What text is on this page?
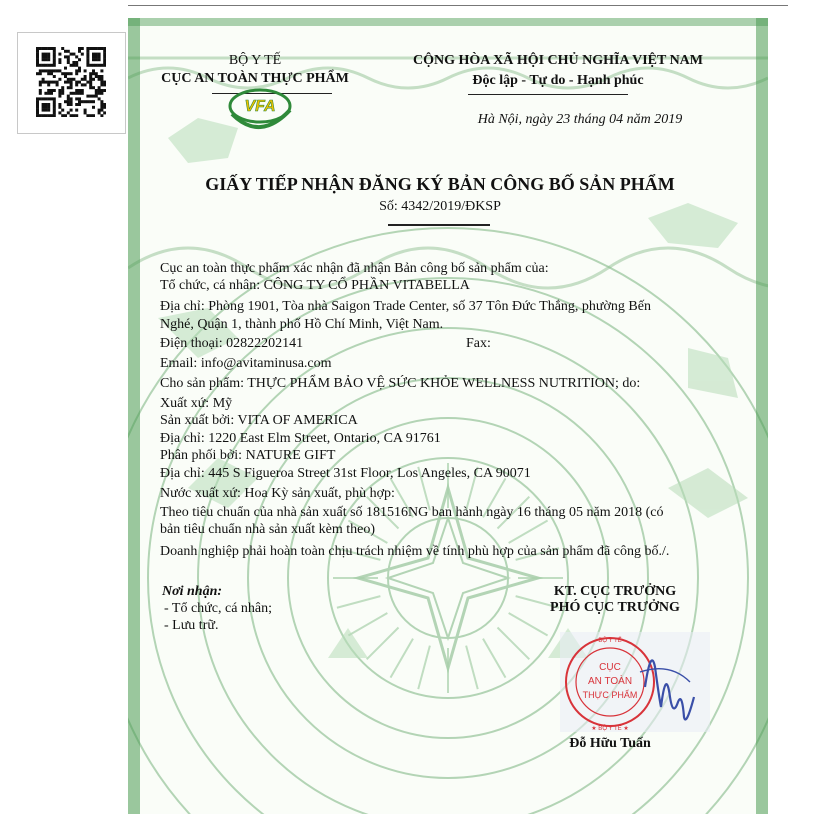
BỘ Y TẾ
CỤC AN TOÀN THỰC PHẨM
VFA
CỘNG HÒA XÃ HỘI CHỦ NGHĨA VIỆT NAM
Độc lập - Tự do - Hạnh phúc
Hà Nội, ngày 23 tháng 04 năm 2019
GIẤY TIẾP NHẬN ĐĂNG KÝ BẢN CÔNG BỐ SẢN PHẨM
Số: 4342/2019/ĐKSP
Cục an toàn thực phẩm xác nhận đã nhận Bản công bố sản phẩm của:
Tổ chức, cá nhân: CÔNG TY CỔ PHẦN VITABELLA
Địa chỉ: Phòng 1901, Tòa nhà Saigon Trade Center, số 37 Tôn Đức Thắng, phường Bến
Nghé, Quận 1, thành phố Hồ Chí Minh, Việt Nam.
Điện thoại: 02822202141	Fax:
Email: info@avitaminusa.com
Cho sản phẩm: THỰC PHẨM BẢO VỆ SỨC KHỎE WELLNESS NUTRITION; do:
Xuất xứ: Mỹ
Sản xuất bởi: VITA OF AMERICA
Địa chỉ: 1220 East Elm Street, Ontario, CA 91761
Phân phối bởi: NATURE GIFT
Địa chỉ: 445 S Figueroa Street 31st Floor, Los Angeles, CA 90071
Nước xuất xứ: Hoa Kỳ sản xuất, phù hợp:
Theo tiêu chuẩn của nhà sản xuất số 181516NG ban hành ngày 16 tháng 05 năm 2018 (có
bản tiêu chuẩn nhà sản xuất kèm theo)
Doanh nghiệp phải hoàn toàn chịu trách nhiệm về tính phù hợp của sản phẩm đã công bố./.
Nơi nhận:
- Tổ chức, cá nhân;
- Lưu trữ.
KT. CỤC TRƯỞNG
PHÓ CỤC TRƯỞNG
BỘ Y TẾ
★ BỘ Y TẾ ★
CỤC
AN TOÀN
THỰC PHẨM
Đỗ Hữu Tuấn
